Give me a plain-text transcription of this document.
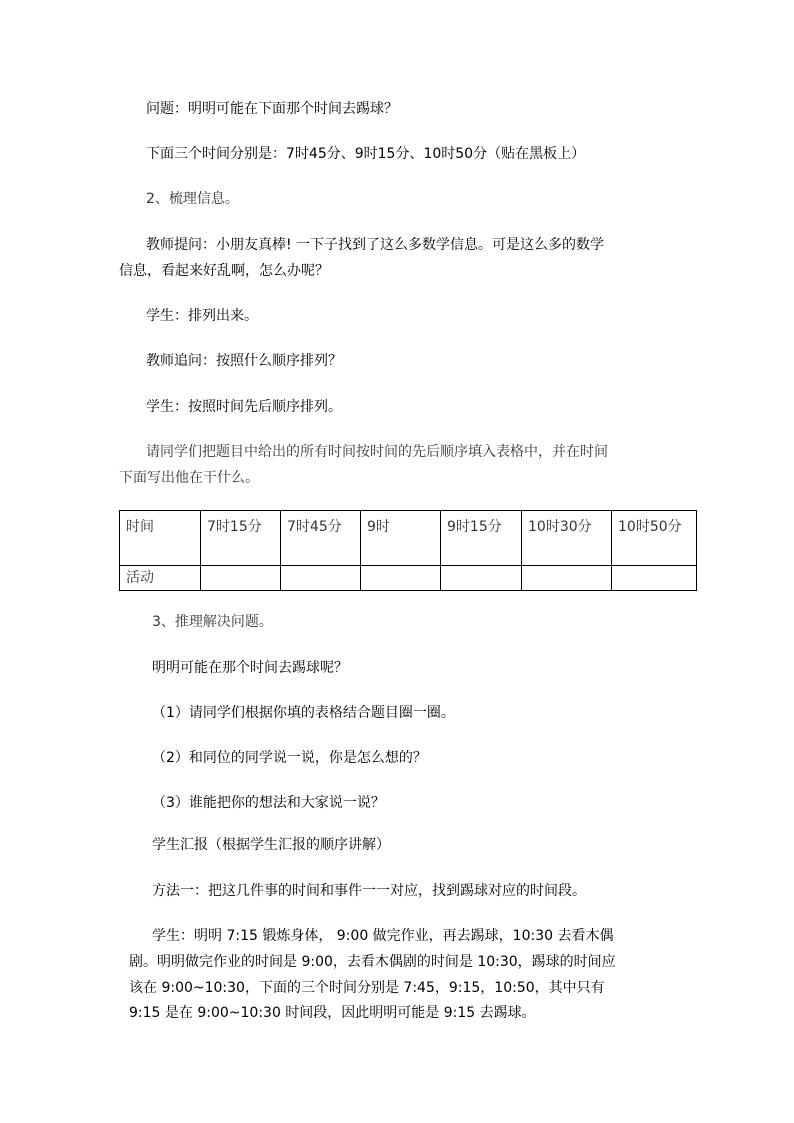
问题：明明可能在下面那个时间去踢球？
下面三个时间分别是：7时45分、9时15分、10时50分（贴在黑板上）
2、梳理信息。
教师提问：小朋友真棒! 一下子找到了这么多数学信息。可是这么多的数学
信息，看起来好乱啊，怎么办呢？
学生：排列出来。
教师追问：按照什么顺序排列？
学生：按照时间先后顺序排列。
请同学们把题目中给出的所有时间按时间的先后顺序填入表格中，并在时间
下面写出他在干什么。
时间	7时15分	7时45分	9时	9时15分	10时30分	10时50分
活动						
3、推理解决问题。
明明可能在那个时间去踢球呢？
（1）请同学们根据你填的表格结合题目圈一圈。
（2）和同位的同学说一说，你是怎么想的？
（3）谁能把你的想法和大家说一说？
学生汇报（根据学生汇报的顺序讲解）
方法一：把这几件事的时间和事件一一对应，找到踢球对应的时间段。
学生：明明 7:15 锻炼身体， 9:00 做完作业，再去踢球，10:30 去看木偶
剧。明明做完作业的时间是 9:00，去看木偶剧的时间是 10:30，踢球的时间应
该在 9:00~10:30，下面的三个时间分别是 7:45，9:15，10:50，其中只有
9:15 是在 9:00~10:30 时间段，因此明明可能是 9:15 去踢球。
